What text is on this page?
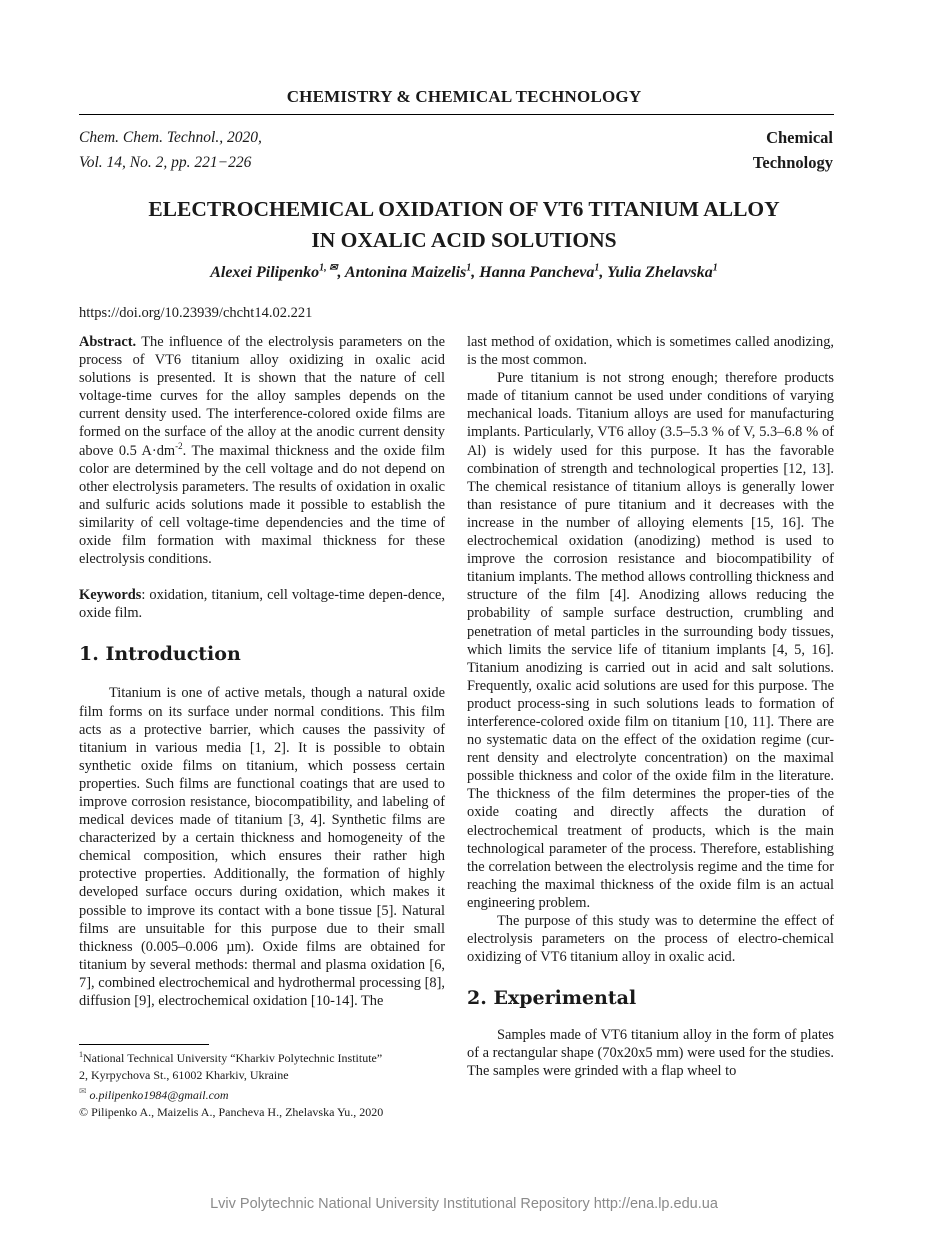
CHEMISTRY & CHEMICAL TECHNOLOGY
Chem. Chem. Technol., 2020,
Vol. 14, No. 2, pp. 221−226
Chemical
Technology
ELECTROCHEMICAL OXIDATION OF VT6 TITANIUM ALLOY
IN OXALIC ACID SOLUTIONS
Alexei Pilipenko$^{1, ✉}$, Antonina Maizelis$^1$, Hanna Pancheva$^1$, Yulia Zhelavska$^1$
https://doi.org/10.23939/chcht14.02.221

Abstract. The influence of the electrolysis parameters on the process of VT6 titanium alloy oxidizing in oxalic acid solutions is presented. It is shown that the nature of cell voltage-time curves for the alloy samples depends on the current density used. The interference-colored oxide films are formed on the surface of the alloy at the anodic current density above 0.5 $A\cdot dm^{-2}$. The maximal thickness and the oxide film color are determined by the cell voltage and do not depend on other electrolysis parameters. The results of oxidation in oxalic and sulfuric acids solutions made it possible to establish the similarity of cell voltage-time dependencies and the time of oxide film formation with maximal thickness for these electrolysis conditions.

Keywords: oxidation, titanium, cell voltage-time depen-dence, oxide film.

1. Introduction

Titanium is one of active metals, though a natural oxide film forms on its surface under normal conditions. This film acts as a protective barrier, which causes the passivity of titanium in various media [1, 2]. It is possible to obtain synthetic oxide films on titanium, which possess certain properties. Such films are functional coatings that are used to improve corrosion resistance, biocompatibility, and labeling of medical devices made of titanium [3, 4]. Synthetic films are characterized by a certain thickness and homogeneity of the chemical composition, which ensures their rather high protective properties. Additionally, the formation of highly developed surface occurs during oxidation, which makes it possible to improve its contact with a bone tissue [5]. Natural films are unsuitable for this purpose due to their small thickness (0.005–0.006 µm). Oxide films are obtained for titanium by several methods: thermal and plasma oxidation [6, 7], combined electrochemical and hydrothermal processing [8], diffusion [9], electrochemical oxidation [10-14]. The

last method of oxidation, which is sometimes called anodizing, is the most common.

Pure titanium is not strong enough; therefore products made of titanium cannot be used under conditions of varying mechanical loads. Titanium alloys are used for manufacturing implants. Particularly, VT6 alloy (3.5–5.3 % of V, 5.3–6.8 % of Al) is widely used for this purpose. It has the favorable combination of strength and technological properties [12, 13]. The chemical resistance of titanium alloys is generally lower than resistance of pure titanium and it decreases with the increase in the number of alloying elements [15, 16]. The electrochemical oxidation (anodizing) method is used to improve the corrosion resistance and biocompatibility of titanium implants. The method allows controlling thickness and structure of the film [4]. Anodizing allows reducing the probability of sample surface destruction, crumbling and penetration of metal particles in the surrounding body tissues, which limits the service life of titanium implants [4, 5, 16]. Titanium anodizing is carried out in acid and salt solutions. Frequently, oxalic acid solutions are used for this purpose. The product process-sing in such solutions leads to formation of interference-colored oxide film on titanium [10, 11]. There are no systematic data on the effect of the oxidation regime (cur-rent density and electrolyte concentration) on the maximal possible thickness and color of the oxide film in the literature. The thickness of the film determines the proper-ties of the oxide coating and directly affects the duration of electrochemical treatment of products, which is the main technological parameter of the process. Therefore, establishing the correlation between the electrolysis regime and the time for reaching the maximal thickness of the oxide film is an actual engineering problem.

The purpose of this study was to determine the effect of electrolysis parameters on the process of electro-chemical oxidizing of VT6 titanium alloy in oxalic acid.

2. Experimental

Samples made of VT6 titanium alloy in the form of plates of a rectangular shape (70x20x5 mm) were used for the studies. The samples were grinded with a flap wheel to

$^1$National Technical University “Kharkiv Polytechnic Institute”
2, Kyrpychova St., 61002 Kharkiv, Ukraine
✉ o.pilipenko1984@gmail.com
© Pilipenko A., Maizelis A., Pancheva H., Zhelavska Yu., 2020
Lviv Polytechnic National University Institutional Repository http://ena.lp.edu.ua
